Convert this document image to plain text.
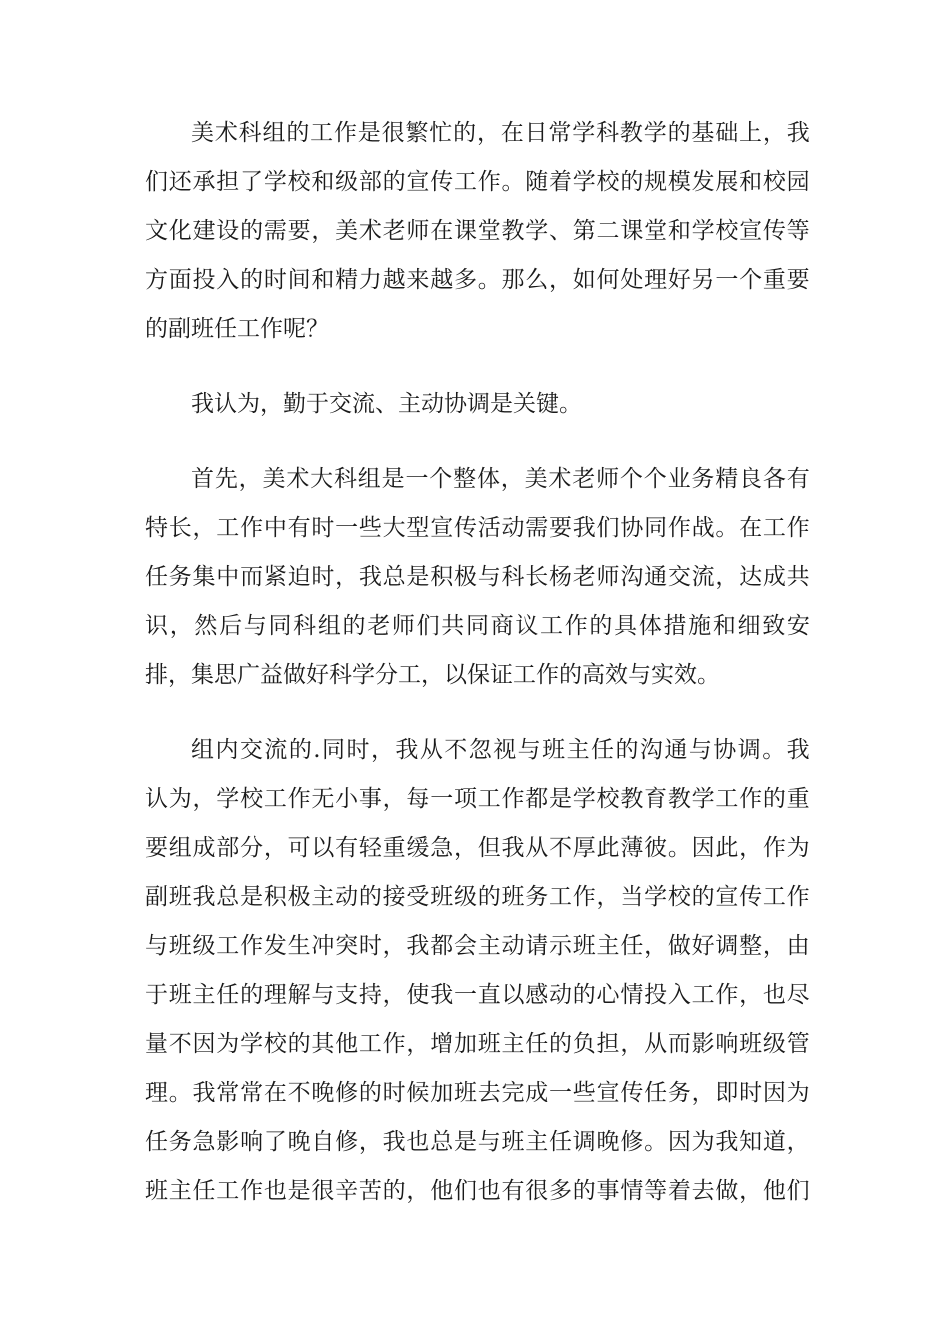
美 术 科 组 的 工 作 是 很 繁 忙 的 ， 在 日 常 学 科 教 学 的 基 础 上 ， 我
们 还 承 担 了 学 校 和 级 部 的 宣 传 工 作 。 随 着 学 校 的 规 模 发 展 和 校 园
文 化 建 设 的 需 要 ， 美 术 老 师 在 课 堂 教 学 、 第 二 课 堂 和 学 校 宣 传 等
方 面 投 入 的 时 间 和 精 力 越 来 越 多 。 那 么 ， 如 何 处 理 好 另 一 个 重 要
的副班任工作呢？
我认为，勤于交流、主动协调是关键。
首 先 ， 美 术 大 科 组 是 一 个 整 体 ， 美 术 老 师 个 个 业 务 精 良 各 有
特 长 ， 工 作 中 有 时 一 些 大 型 宣 传 活 动 需 要 我 们 协 同 作 战 。 在 工 作
任 务 集 中 而 紧 迫 时 ， 我 总 是 积 极 与 科 长 杨 老 师 沟 通 交 流 ， 达 成 共
识 ， 然 后 与 同 科 组 的 老 师 们 共 同 商 议 工 作 的 具 体 措 施 和 细 致 安
排，集思广益做好科学分工，以保证工作的高效与实效。
组 内 交 流 的 . 同 时 ， 我 从 不 忽 视 与 班 主 任 的 沟 通 与 协 调 。 我
认 为 ， 学 校 工 作 无 小 事 ， 每 一 项 工 作 都 是 学 校 教 育 教 学 工 作 的 重
要 组 成 部 分 ， 可 以 有 轻 重 缓 急 ， 但 我 从 不 厚 此 薄 彼 。 因 此 ， 作 为
副 班 我 总 是 积 极 主 动 的 接 受 班 级 的 班 务 工 作 ， 当 学 校 的 宣 传 工 作
与 班 级 工 作 发 生 冲 突 时 ， 我 都 会 主 动 请 示 班 主 任 ， 做 好 调 整 ， 由
于 班 主 任 的 理 解 与 支 持 ， 使 我 一 直 以 感 动 的 心 情 投 入 工 作 ， 也 尽
量 不 因 为 学 校 的 其 他 工 作 ， 增 加 班 主 任 的 负 担 ， 从 而 影 响 班 级 管
理 。 我 常 常 在 不 晚 修 的 时 候 加 班 去 完 成 一 些 宣 传 任 务 ， 即 时 因 为
任 务 急 影 响 了 晚 自 修 ， 我 也 总 是 与 班 主 任 调 晚 修 。 因 为 我 知 道 ，
班 主 任 工 作 也 是 很 辛 苦 的 ， 他 们 也 有 很 多 的 事 情 等 着 去 做 ， 他 们
